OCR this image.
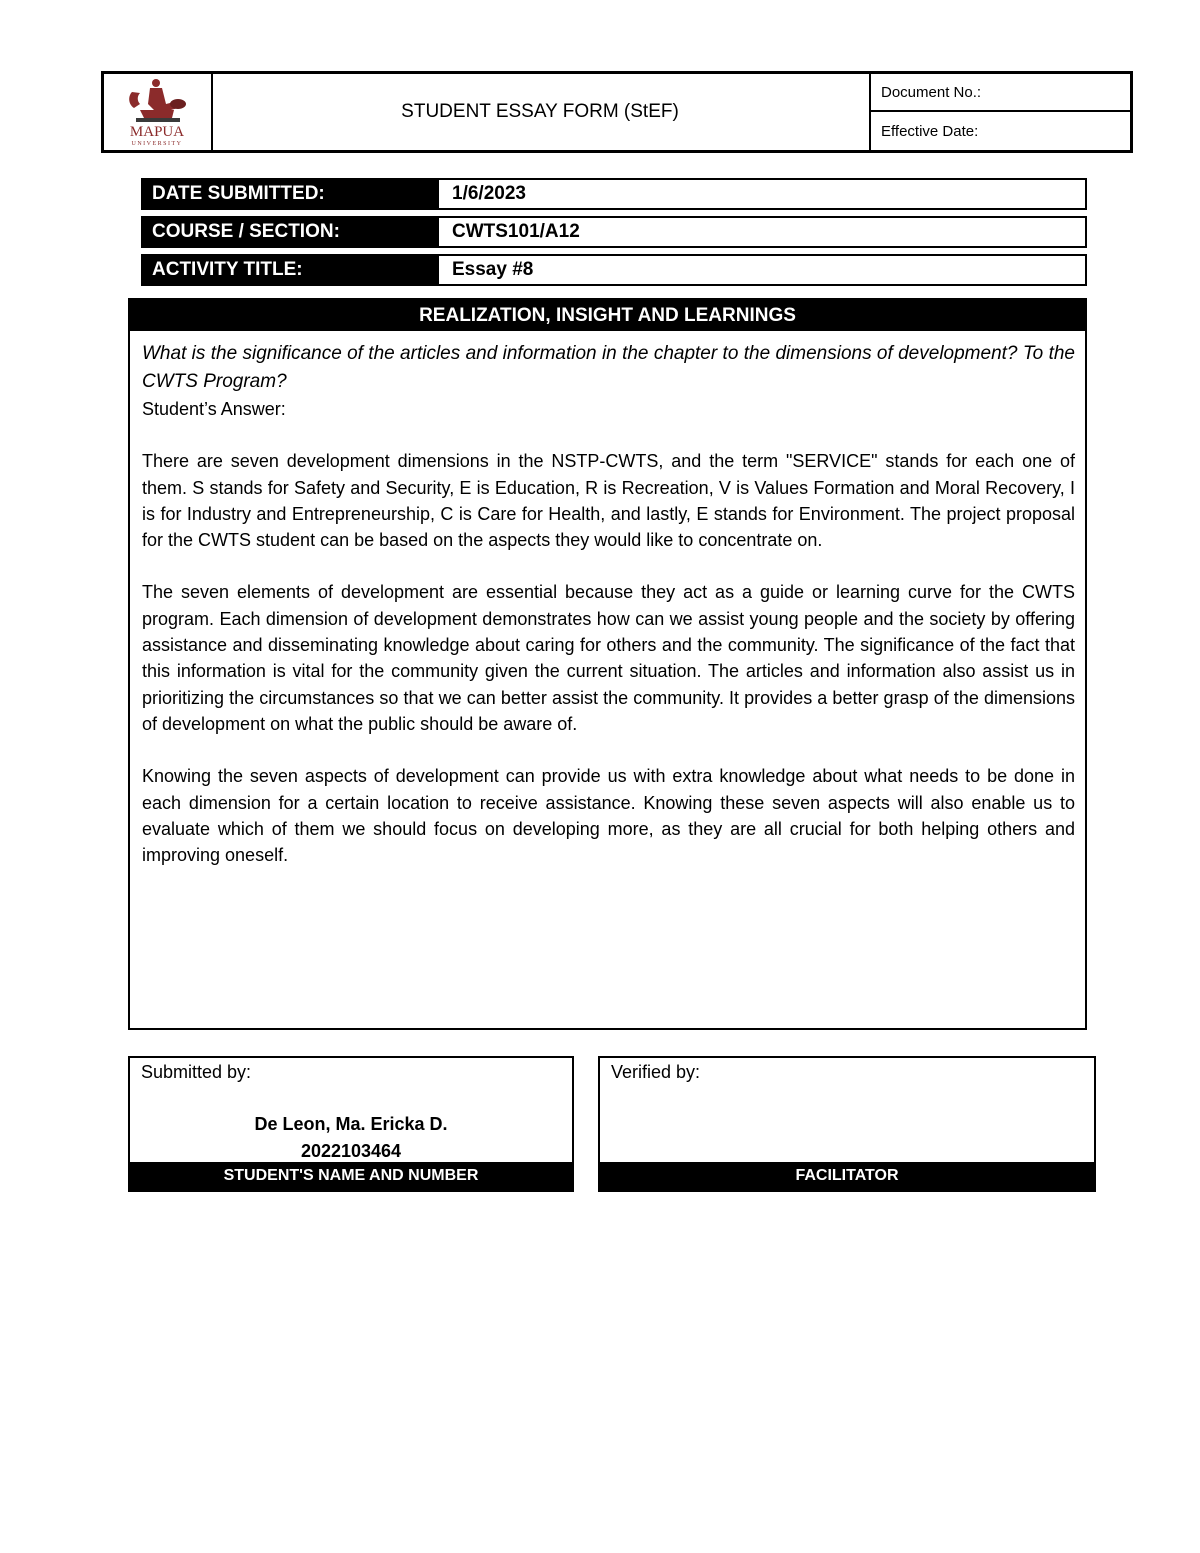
MAPUA
UNIVERSITY
STUDENT ESSAY FORM (StEF)
Document No.:
Effective Date:
DATE SUBMITTED:	1/6/2023
COURSE / SECTION:	CWTS101/A12
ACTIVITY TITLE:	Essay #8
REALIZATION, INSIGHT AND LEARNINGS

What is the significance of the articles and information in the chapter to the dimensions of development? To the CWTS Program?

Student’s Answer:

There are seven development dimensions in the NSTP-CWTS, and the term "SERVICE" stands for each one of them. S stands for Safety and Security, E is Education, R is Recreation, V is Values Formation and Moral Recovery, I is for Industry and Entrepreneurship, C is Care for Health, and lastly, E stands for Environment. The project proposal for the CWTS student can be based on the aspects they would like to concentrate on.

The seven elements of development are essential because they act as a guide or learning curve for the CWTS program. Each dimension of development demonstrates how can we assist young people and the society by offering assistance and disseminating knowledge about caring for others and the community. The significance of the fact that this information is vital for the community given the current situation. The articles and information also assist us in prioritizing the circumstances so that we can better assist the community. It provides a better grasp of the dimensions of development on what the public should be aware of.

Knowing the seven aspects of development can provide us with extra knowledge about what needs to be done in each dimension for a certain location to receive assistance. Knowing these seven aspects will also enable us to evaluate which of them we should focus on developing more, as they are all crucial for both helping others and improving oneself.

Submitted by:
De Leon, Ma. Ericka D.
2022103464
STUDENT'S NAME AND NUMBER
Verified by:
FACILITATOR
